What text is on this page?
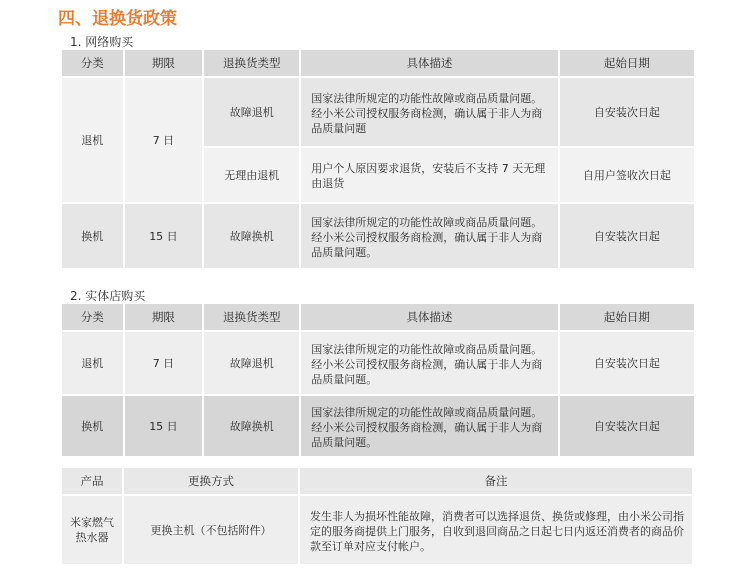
四、退换货政策
1. 网络购买
分类	期限	退换货类型	具体描述	起始日期
退机	7 日	故障退机	国家法律所规定的功能性故障或商品质量问题。经小米公司授权服务商检测，确认属于非人为商品质量问题	自安装次日起
		无理由退机	用户个人原因要求退货，安装后不支持 7 天无理由退货	自用户签收次日起
换机	15 日	故障换机	国家法律所规定的功能性故障或商品质量问题。经小米公司授权服务商检测，确认属于非人为商品质量问题。	自安装次日起
2. 实体店购买
分类	期限	退换货类型	具体描述	起始日期
退机	7 日	故障退机	国家法律所规定的功能性故障或商品质量问题。经小米公司授权服务商检测，确认属于非人为商品质量问题。	自安装次日起
换机	15 日	故障换机	国家法律所规定的功能性故障或商品质量问题。经小米公司授权服务商检测，确认属于非人为商品质量问题。	自安装次日起
产品	更换方式	备注
米家燃气热水器	更换主机（不包括附件）	发生非人为损坏性能故障，消费者可以选择退货、换货或修理，由小米公司指定的服务商提供上门服务，自收到退回商品之日起七日内返还消费者的商品价款至订单对应支付帐户。
